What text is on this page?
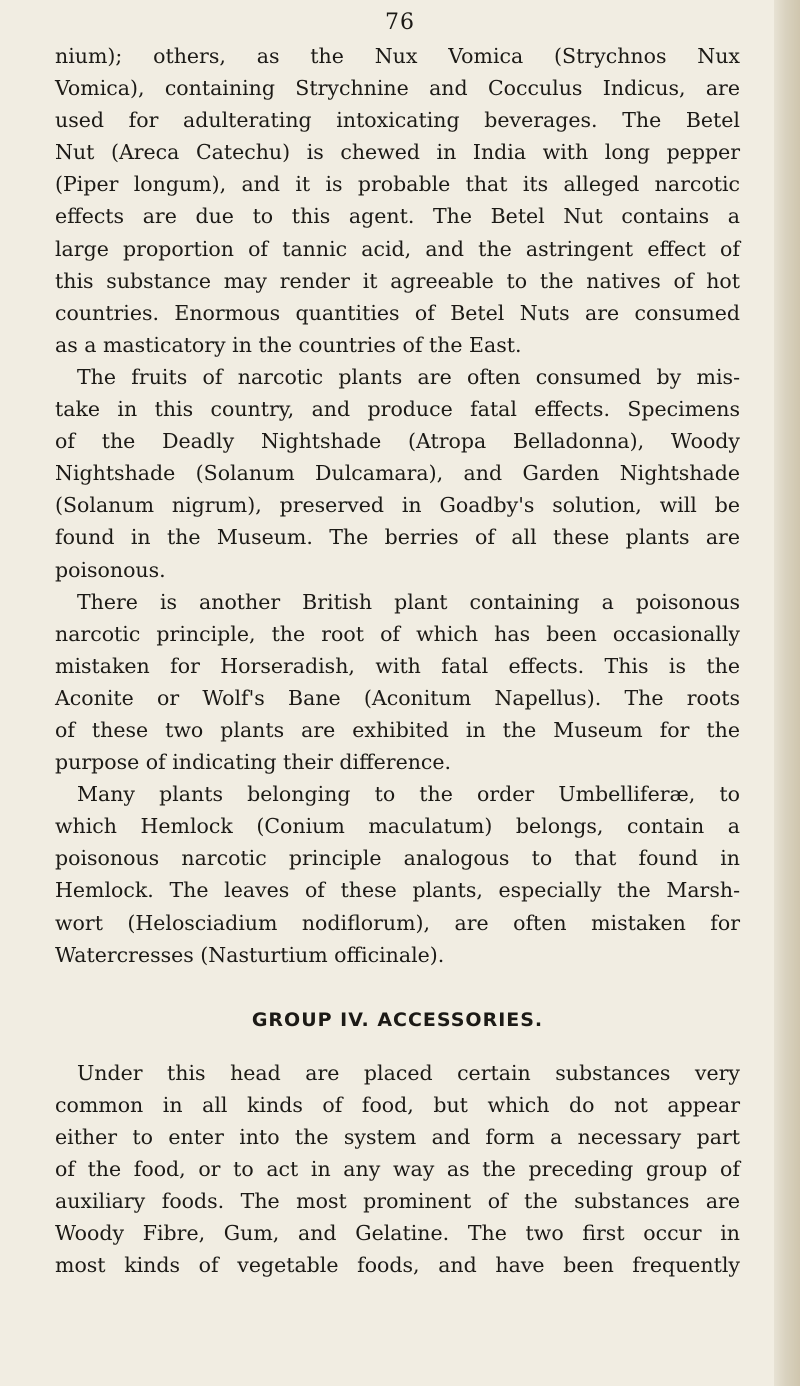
76
nium); others, as the Nux Vomica (Strychnos Nux
Vomica), containing Strychnine and Cocculus Indicus, are
used for adulterating intoxicating beverages. The Betel
Nut (Areca Catechu) is chewed in India with long pepper
(Piper longum), and it is probable that its alleged narcotic
effects are due to this agent. The Betel Nut contains a
large proportion of tannic acid, and the astringent effect of
this substance may render it agreeable to the natives of hot
countries. Enormous quantities of Betel Nuts are consumed
as a masticatory in the countries of the East.
The fruits of narcotic plants are often consumed by mis-
take in this country, and produce fatal effects. Specimens
of the Deadly Nightshade (Atropa Belladonna), Woody
Nightshade (Solanum Dulcamara), and Garden Nightshade
(Solanum nigrum), preserved in Goadby's solution, will be
found in the Museum. The berries of all these plants are
poisonous.
There is another British plant containing a poisonous
narcotic principle, the root of which has been occasionally
mistaken for Horseradish, with fatal effects. This is the
Aconite or Wolf's Bane (Aconitum Napellus). The roots
of these two plants are exhibited in the Museum for the
purpose of indicating their difference.
Many plants belonging to the order Umbelliferæ, to
which Hemlock (Conium maculatum) belongs, contain a
poisonous narcotic principle analogous to that found in
Hemlock. The leaves of these plants, especially the Marsh-
wort (Helosciadium nodiflorum), are often mistaken for
Watercresses (Nasturtium officinale).
GROUP IV. ACCESSORIES.
Under this head are placed certain substances very
common in all kinds of food, but which do not appear
either to enter into the system and form a necessary part
of the food, or to act in any way as the preceding group of
auxiliary foods. The most prominent of the substances are
Woody Fibre, Gum, and Gelatine. The two first occur in
most kinds of vegetable foods, and have been frequently
